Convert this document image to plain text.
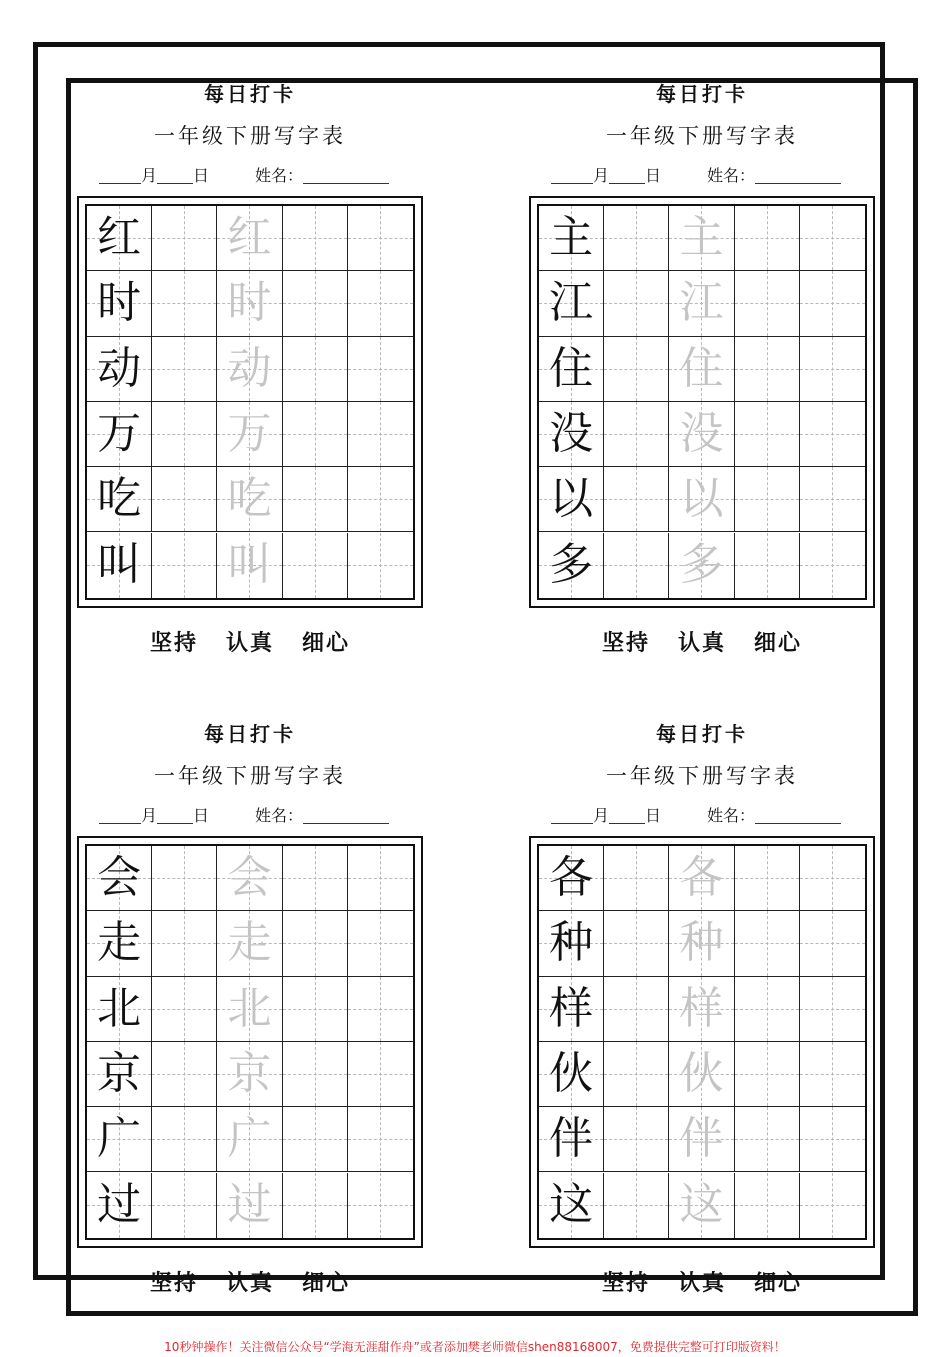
每日打卡
一年级下册写字表
月 日	姓名：
红 红
时 时
动 动
万 万
吃 吃
叫 叫
坚持 认真 细心
每日打卡
一年级下册写字表
月 日	姓名：
主 主
江 江
住 住
没 没
以 以
多 多
坚持 认真 细心
每日打卡
一年级下册写字表
月 日	姓名：
会 会
走 走
北 北
京 京
广 广
过 过
坚持 认真 细心
每日打卡
一年级下册写字表
月 日	姓名：
各 各
种 种
样 样
伙 伙
伴 伴
这 这
坚持 认真 细心
10秒钟操作！关注微信公众号“学海无涯甜作舟”或者添加樊老师微信shen88168007，免费提供完整可打印版资料！
